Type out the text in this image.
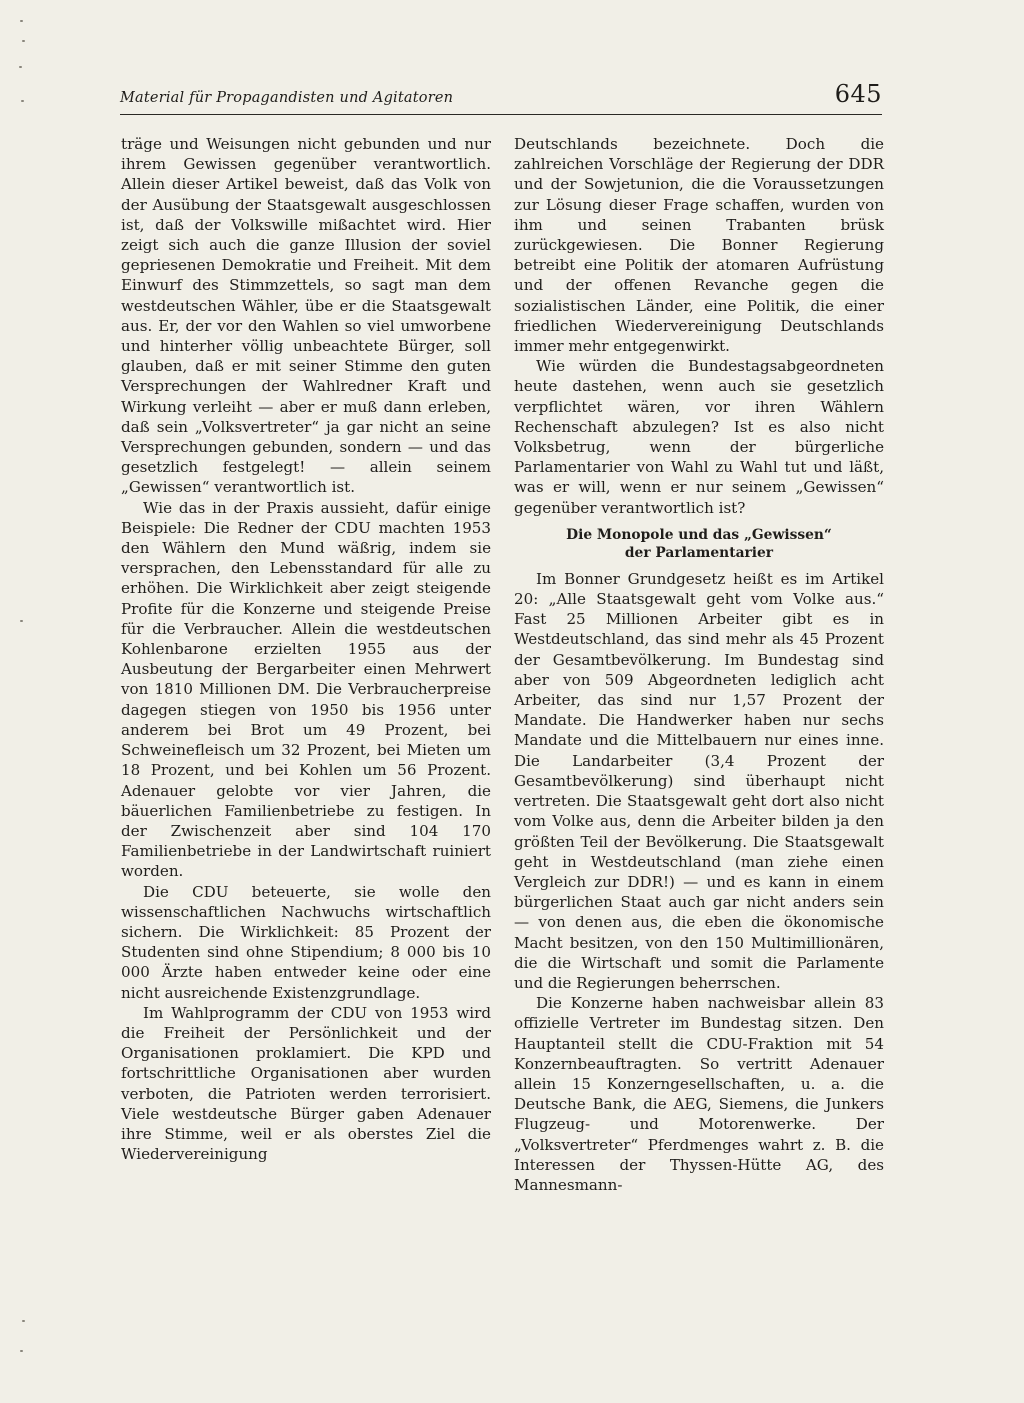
Material für Propagandisten und Agitatoren	645

träge und Weisungen nicht gebunden und nur ihrem Gewissen gegenüber verantwortlich. Allein dieser Artikel beweist, daß das Volk von der Ausübung der Staatsgewalt ausgeschlossen ist, daß der Volkswille mißachtet wird. Hier zeigt sich auch die ganze Illusion der soviel gepriesenen Demokratie und Freiheit. Mit dem Einwurf des Stimmzettels, so sagt man dem westdeutschen Wähler, übe er die Staatsgewalt aus. Er, der vor den Wahlen so viel umworbene und hinterher völlig unbeachtete Bürger, soll glauben, daß er mit seiner Stimme den guten Versprechungen der Wahlredner Kraft und Wirkung verleiht — aber er muß dann erleben, daß sein „Volksvertreter“ ja gar nicht an seine Versprechungen gebunden, sondern — und das gesetzlich festgelegt! — allein seinem „Gewissen“ verantwortlich ist.

Wie das in der Praxis aussieht, dafür einige Beispiele: Die Redner der CDU machten 1953 den Wählern den Mund wäßrig, indem sie versprachen, den Lebensstandard für alle zu erhöhen. Die Wirklichkeit aber zeigt steigende Profite für die Konzerne und steigende Preise für die Verbraucher. Allein die westdeutschen Kohlenbarone erzielten 1955 aus der Ausbeutung der Bergarbeiter einen Mehrwert von 1810 Millionen DM. Die Verbraucherpreise dagegen stiegen von 1950 bis 1956 unter anderem bei Brot um 49 Prozent, bei Schweinefleisch um 32 Prozent, bei Mieten um 18 Prozent, und bei Kohlen um 56 Prozent. Adenauer gelobte vor vier Jahren, die bäuerlichen Familienbetriebe zu festigen. In der Zwischenzeit aber sind 104 170 Familienbetriebe in der Landwirtschaft ruiniert worden.

Die CDU beteuerte, sie wolle den wissenschaftlichen Nachwuchs wirtschaftlich sichern. Die Wirklichkeit: 85 Prozent der Studenten sind ohne Stipendium; 8 000 bis 10 000 Ärzte haben entweder keine oder eine nicht ausreichende Existenzgrundlage.

Im Wahlprogramm der CDU von 1953 wird die Freiheit der Persönlichkeit und der Organisationen proklamiert. Die KPD und fortschrittliche Organisationen aber wurden verboten, die Patrioten werden terrorisiert. Viele westdeutsche Bürger gaben Adenauer ihre Stimme, weil er als oberstes Ziel die Wiedervereinigung

Deutschlands bezeichnete. Doch die zahlreichen Vorschläge der Regierung der DDR und der Sowjetunion, die die Voraussetzungen zur Lösung dieser Frage schaffen, wurden von ihm und seinen Trabanten brüsk zurückgewiesen. Die Bonner Regierung betreibt eine Politik der atomaren Aufrüstung und der offenen Revanche gegen die sozialistischen Länder, eine Politik, die einer friedlichen Wiedervereinigung Deutschlands immer mehr entgegenwirkt.

Wie würden die Bundestagsabgeordneten heute dastehen, wenn auch sie gesetzlich verpflichtet wären, vor ihren Wählern Rechenschaft abzulegen? Ist es also nicht Volksbetrug, wenn der bürgerliche Parlamentarier von Wahl zu Wahl tut und läßt, was er will, wenn er nur seinem „Gewissen“ gegenüber verantwortlich ist?

Die Monopole und das „Gewissen“
der Parlamentarier

Im Bonner Grundgesetz heißt es im Artikel 20: „Alle Staatsgewalt geht vom Volke aus.“ Fast 25 Millionen Arbeiter gibt es in Westdeutschland, das sind mehr als 45 Prozent der Gesamtbevölkerung. Im Bundestag sind aber von 509 Abgeordneten lediglich acht Arbeiter, das sind nur 1,57 Prozent der Mandate. Die Handwerker haben nur sechs Mandate und die Mittelbauern nur eines inne. Die Landarbeiter (3,4 Prozent der Gesamtbevölkerung) sind überhaupt nicht vertreten. Die Staatsgewalt geht dort also nicht vom Volke aus, denn die Arbeiter bilden ja den größten Teil der Bevölkerung. Die Staatsgewalt geht in Westdeutschland (man ziehe einen Vergleich zur DDR!) — und es kann in einem bürgerlichen Staat auch gar nicht anders sein — von denen aus, die eben die ökonomische Macht besitzen, von den 150 Multimillionären, die die Wirtschaft und somit die Parlamente und die Regierungen beherrschen.

Die Konzerne haben nachweisbar allein 83 offizielle Vertreter im Bundestag sitzen. Den Hauptanteil stellt die CDU-Fraktion mit 54 Konzernbeauftragten. So vertritt Adenauer allein 15 Konzerngesellschaften, u. a. die Deutsche Bank, die AEG, Siemens, die Junkers Flugzeug- und Motorenwerke. Der „Volksvertreter“ Pferdmenges wahrt z. B. die Interessen der Thyssen-Hütte AG, des Mannesmann-
